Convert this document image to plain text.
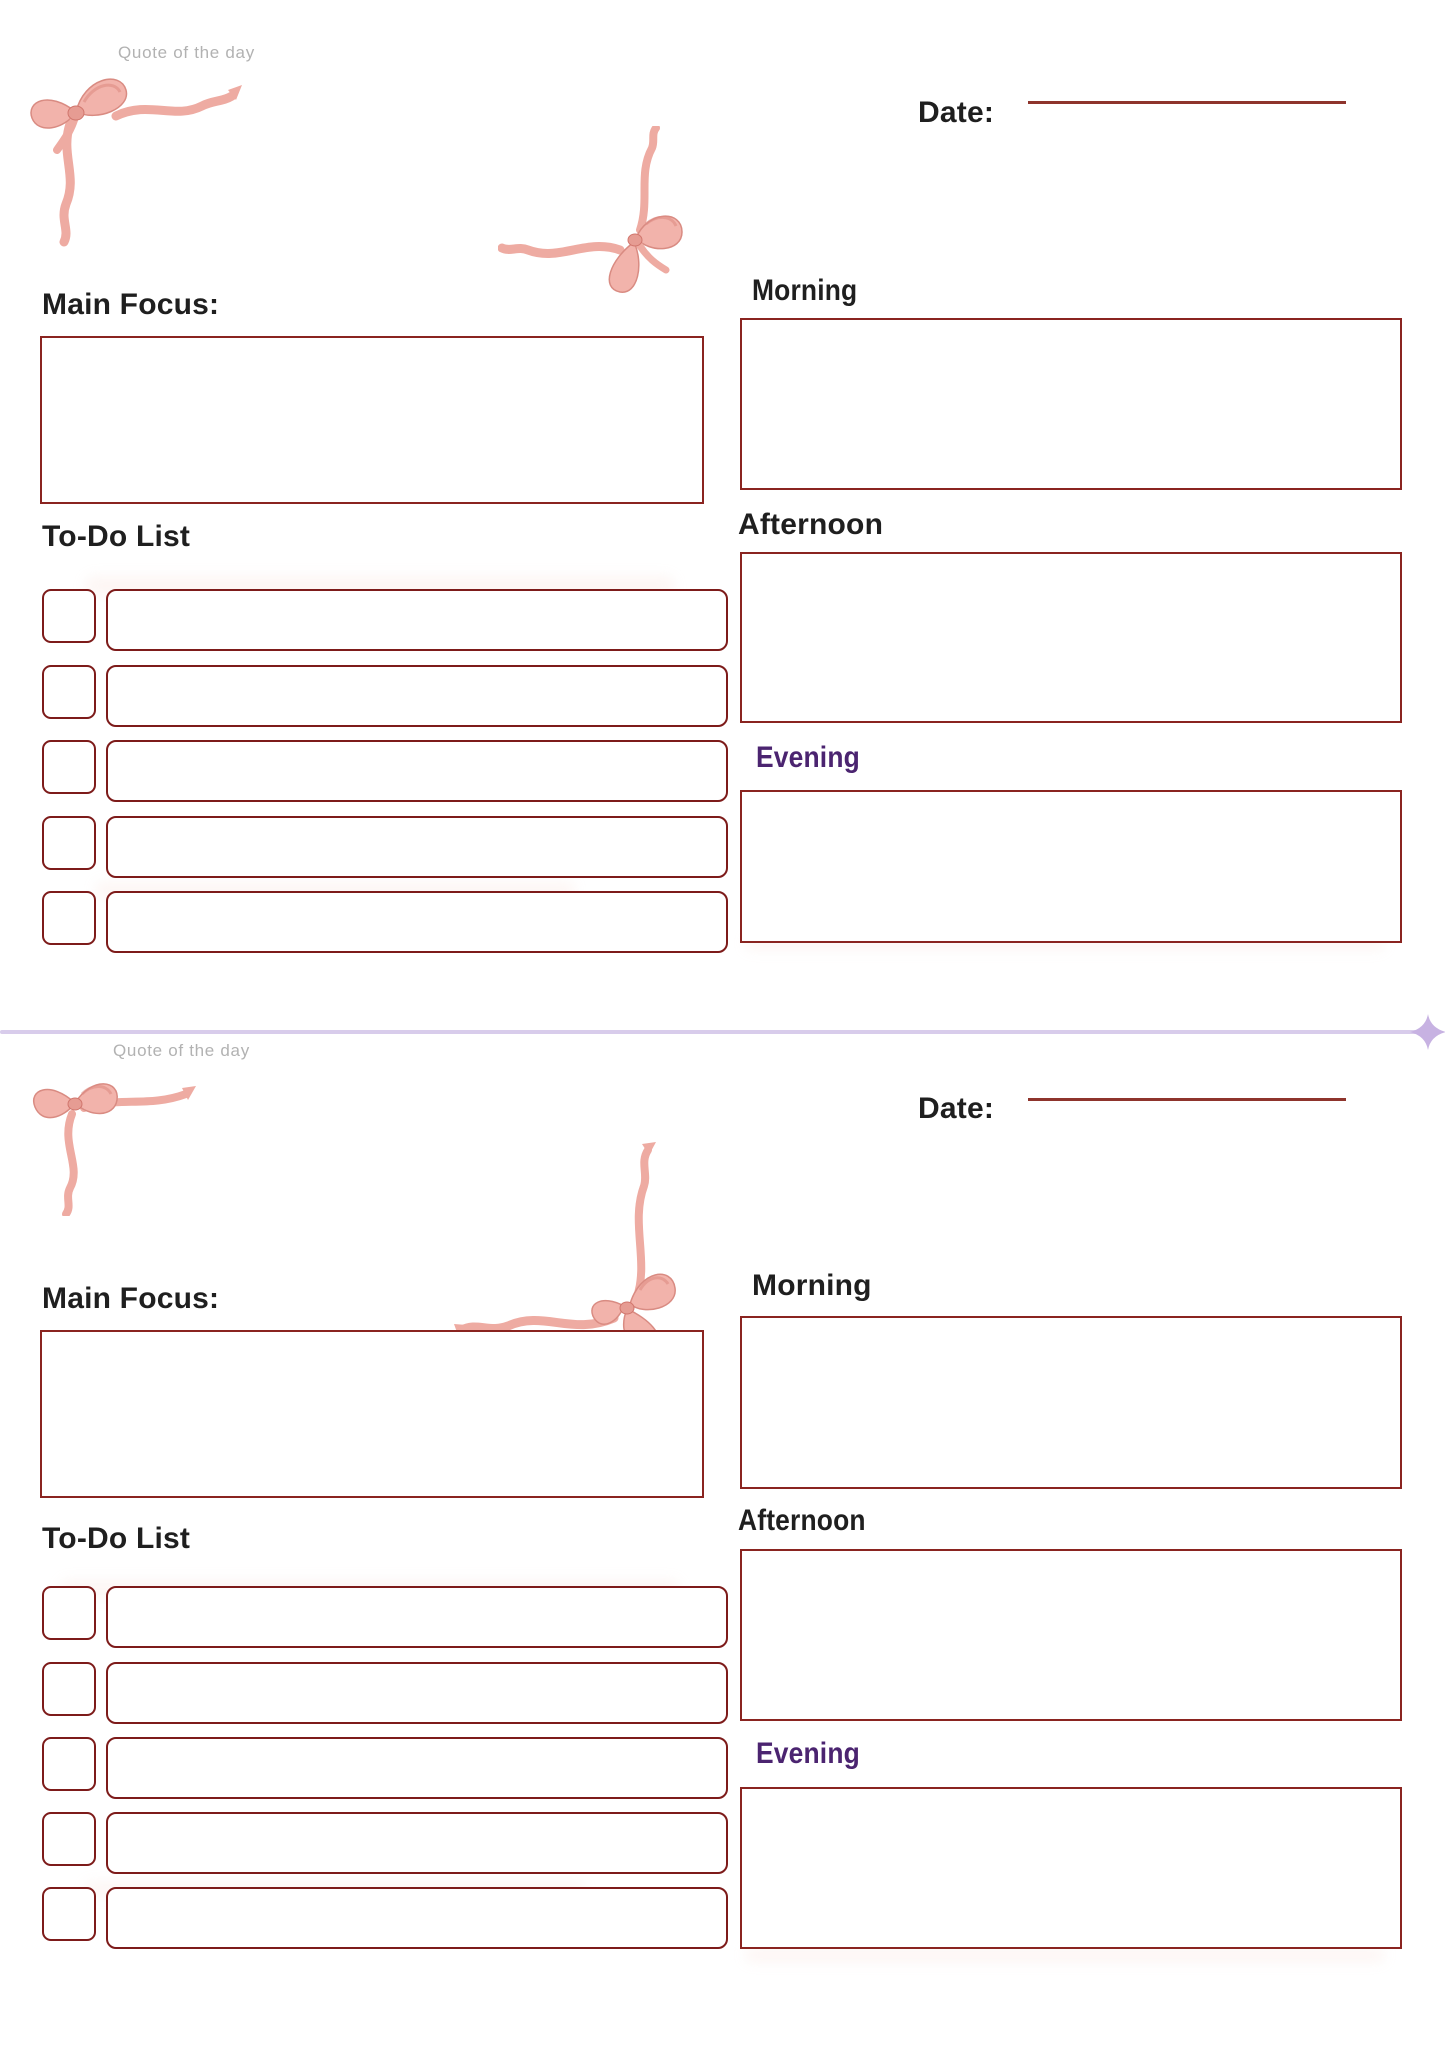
Quote of the day
Date:
Main Focus:
To-Do List
Morning
Afternoon
Evening
Quote of the day
Date:
Main Focus:
To-Do List
Morning
Afternoon
Evening
